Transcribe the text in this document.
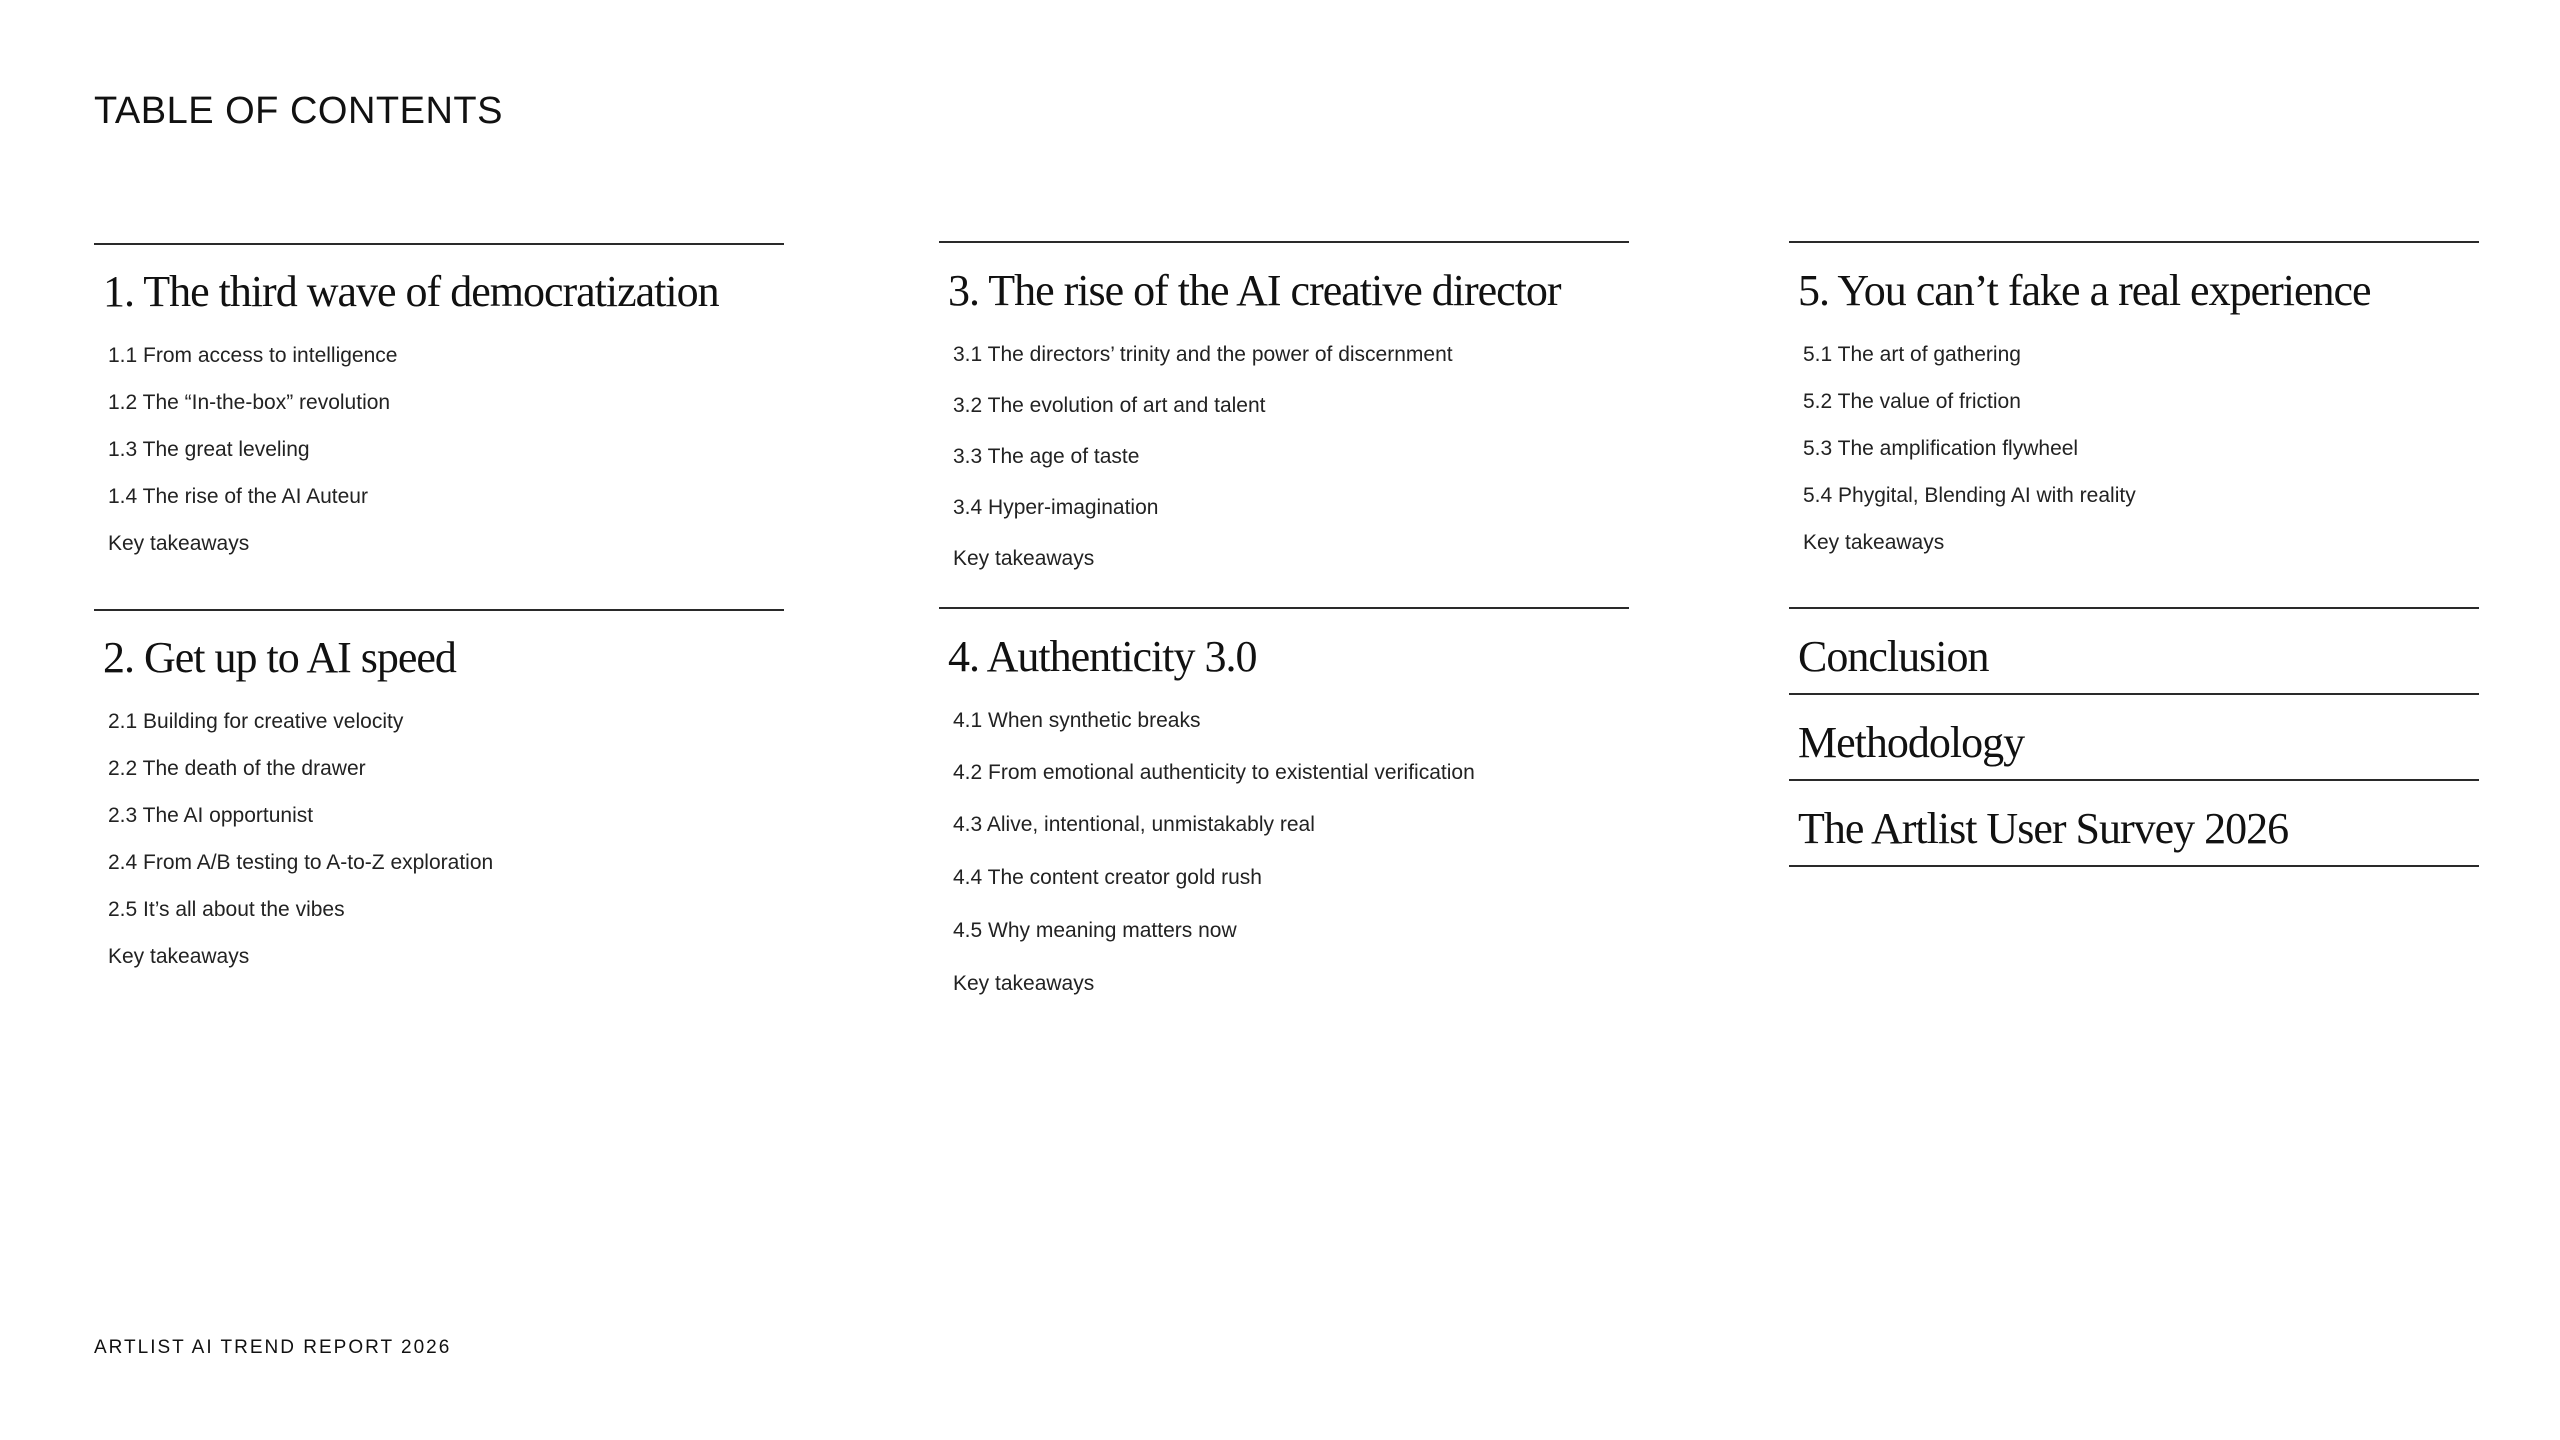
TABLE OF CONTENTS
1. The third wave of democratization
1.1 From access to intelligence
1.2 The “In-the-box” revolution
1.3 The great leveling
1.4 The rise of the AI Auteur
Key takeaways
2. Get up to AI speed
2.1 Building for creative velocity
2.2 The death of the drawer
2.3 The AI opportunist
2.4 From A/B testing to A-to-Z exploration
2.5 It’s all about the vibes
Key takeaways
3. The rise of the AI creative director
3.1 The directors’ trinity and the power of discernment
3.2 The evolution of art and talent
3.3 The age of taste
3.4 Hyper-imagination
Key takeaways
4. Authenticity 3.0
4.1 When synthetic breaks
4.2 From emotional authenticity to existential verification
4.3 Alive, intentional, unmistakably real
4.4 The content creator gold rush
4.5 Why meaning matters now
Key takeaways
5. You can’t fake a real experience
5.1 The art of gathering
5.2 The value of friction
5.3 The amplification flywheel
5.4 Phygital, Blending AI with reality
Key takeaways
Conclusion
Methodology
The Artlist User Survey 2026
ARTLIST AI TREND REPORT 2026
